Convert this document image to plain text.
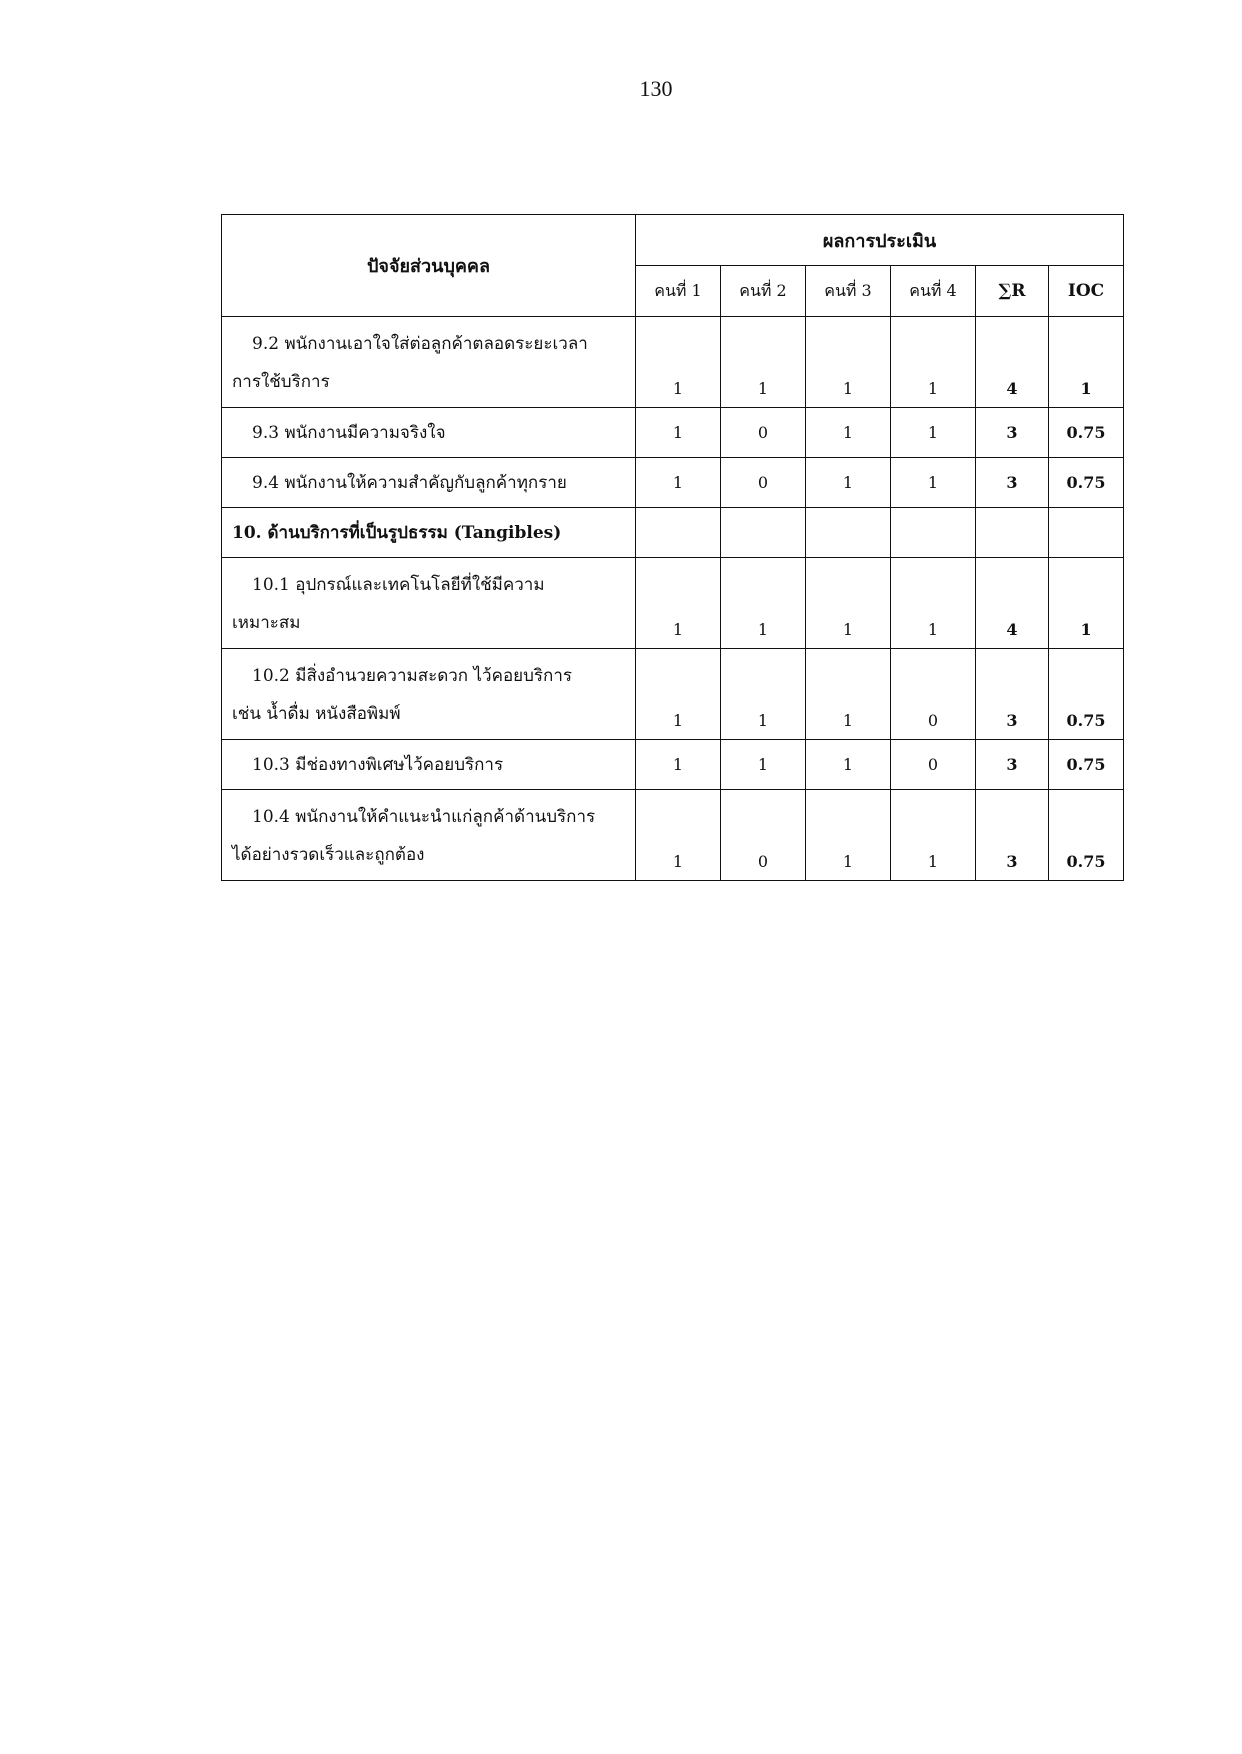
130
ปัจจัยส่วนบุคคล	ผลการประเมิน					
	คนที่ 1	คนที่ 2	คนที่ 3	คนที่ 4	∑R	IOC

9.2 พนักงานเอาใจใส่ต่อลูกค้าตลอดระยะเวลา
การใช้บริการ	1	1	1	1	4	1

9.3 พนักงานมีความจริงใจ	1	0	1	1	3	0.75

9.4 พนักงานให้ความสำคัญกับลูกค้าทุกราย	1	0	1	1	3	0.75

10. ด้านบริการที่เป็นรูปธรรม (Tangibles)						

10.1 อุปกรณ์และเทคโนโลยีที่ใช้มีความ
เหมาะสม	1	1	1	1	4	1

10.2 มีสิ่งอำนวยความสะดวก ไว้คอยบริการ
เช่น น้ำดื่ม หนังสือพิมพ์	1	1	1	0	3	0.75

10.3 มีช่องทางพิเศษไว้คอยบริการ	1	1	1	0	3	0.75

10.4 พนักงานให้คำแนะนำแก่ลูกค้าด้านบริการ
ได้อย่างรวดเร็วและถูกต้อง	1	0	1	1	3	0.75
